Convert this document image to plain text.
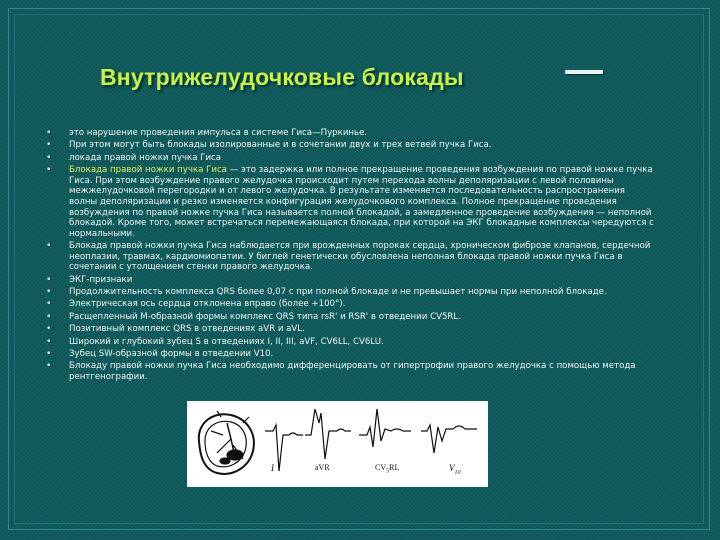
Внутрижелудочковые блокады
• это нарушение проведения импульса в системе Гиса—Пуркинье.
• При этом могут быть блокады изолированные и в сочетании двух и трех ветвей пучка Гиса.
• локада правой ножки пучка Гиса
• Блокада правой ножки пучка Гиса — это задержка или полное прекращение проведения возбуждения по правой ножке пучка Гиса. При этом возбуждение правого желудочка происходит путем перехода волны деполяризации с левой половины межжелудочковой перегородки и от левого желудочка. В результате изменяется последовательность распространения волны деполяризации и резко изменяется конфигурация желудочкового комплекса. Полное прекращение проведения возбуждения по правой ножке пучка Гиса называется полной блокадой, а замедленное проведение возбуждения — неполной блокадой. Кроме того, может встречаться перемежающаяся блокада, при которой на ЭКГ блокадные комплексы чередуются с нормальными.
• Блокада правой ножки пучка Гиса наблюдается при врожденных пороках сердца, хроническом фиброзе клапанов, сердечной неоплазии, травмах, кардиомиопатии. У биглей генетически обусловлена неполная блокада правой ножки пучка Гиса в сочетании с утолщением стенки правого желудочка.
• ЭКГ-признаки
• Продолжительность комплекса QRS более 0,07 с при полной блокаде и не превышает нормы при неполной блокаде.
• Электрическая ось сердца отклонена вправо (более +100°).
• Расщепленный М-образной формы комплекс QRS типа rsR' и RSR' в отведении CV5RL.
• Позитивный комплекс QRS в отведениях aVR и aVL.
• Широкий и глубокий зубец S в отведениях I, II, III, aVF, CV6LL, CV6LU.
• Зубец SW-образной формы в отведении V10.
• Блокаду правой ножки пучка Гиса необходимо дифференцировать от гипертрофии правого желудочка с помощью метода рентгенографии.
I	aVR	$CV_5RL$	$V_{10}$
